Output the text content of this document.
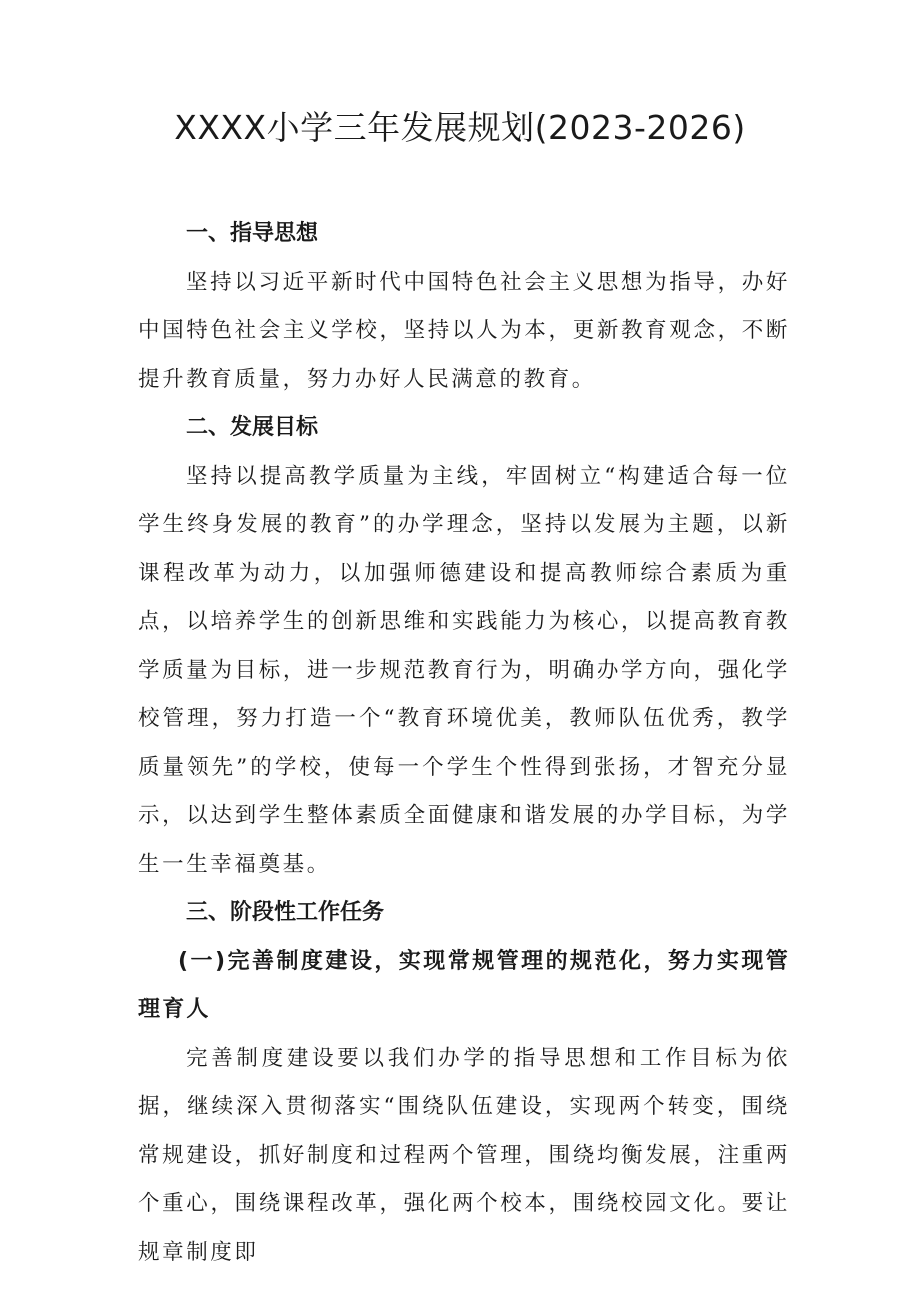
XXXX小学三年发展规划(2023-2026)

一、指导思想

坚持以习近平新时代中国特色社会主义思想为指导，办好中国特色社会主义学校，坚持以人为本，更新教育观念，不断提升教育质量，努力办好人民满意的教育。

二、发展目标

坚持以提高教学质量为主线，牢固树立“构建适合每一位学生终身发展的教育”的办学理念，坚持以发展为主题，以新课程改革为动力，以加强师德建设和提高教师综合素质为重点，以培养学生的创新思维和实践能力为核心，以提高教育教学质量为目标，进一步规范教育行为，明确办学方向，强化学校管理，努力打造一个“教育环境优美，教师队伍优秀，教学质量领先”的学校，使每一个学生个性得到张扬，才智充分显示，以达到学生整体素质全面健康和谐发展的办学目标，为学生一生幸福奠基。

三、阶段性工作任务

(一)完善制度建设，实现常规管理的规范化，努力实现管理育人

完善制度建设要以我们办学的指导思想和工作目标为依据，继续深入贯彻落实“围绕队伍建设，实现两个转变，围绕常规建设，抓好制度和过程两个管理，围绕均衡发展，注重两个重心，围绕课程改革，强化两个校本，围绕校园文化。要让规章制度即
